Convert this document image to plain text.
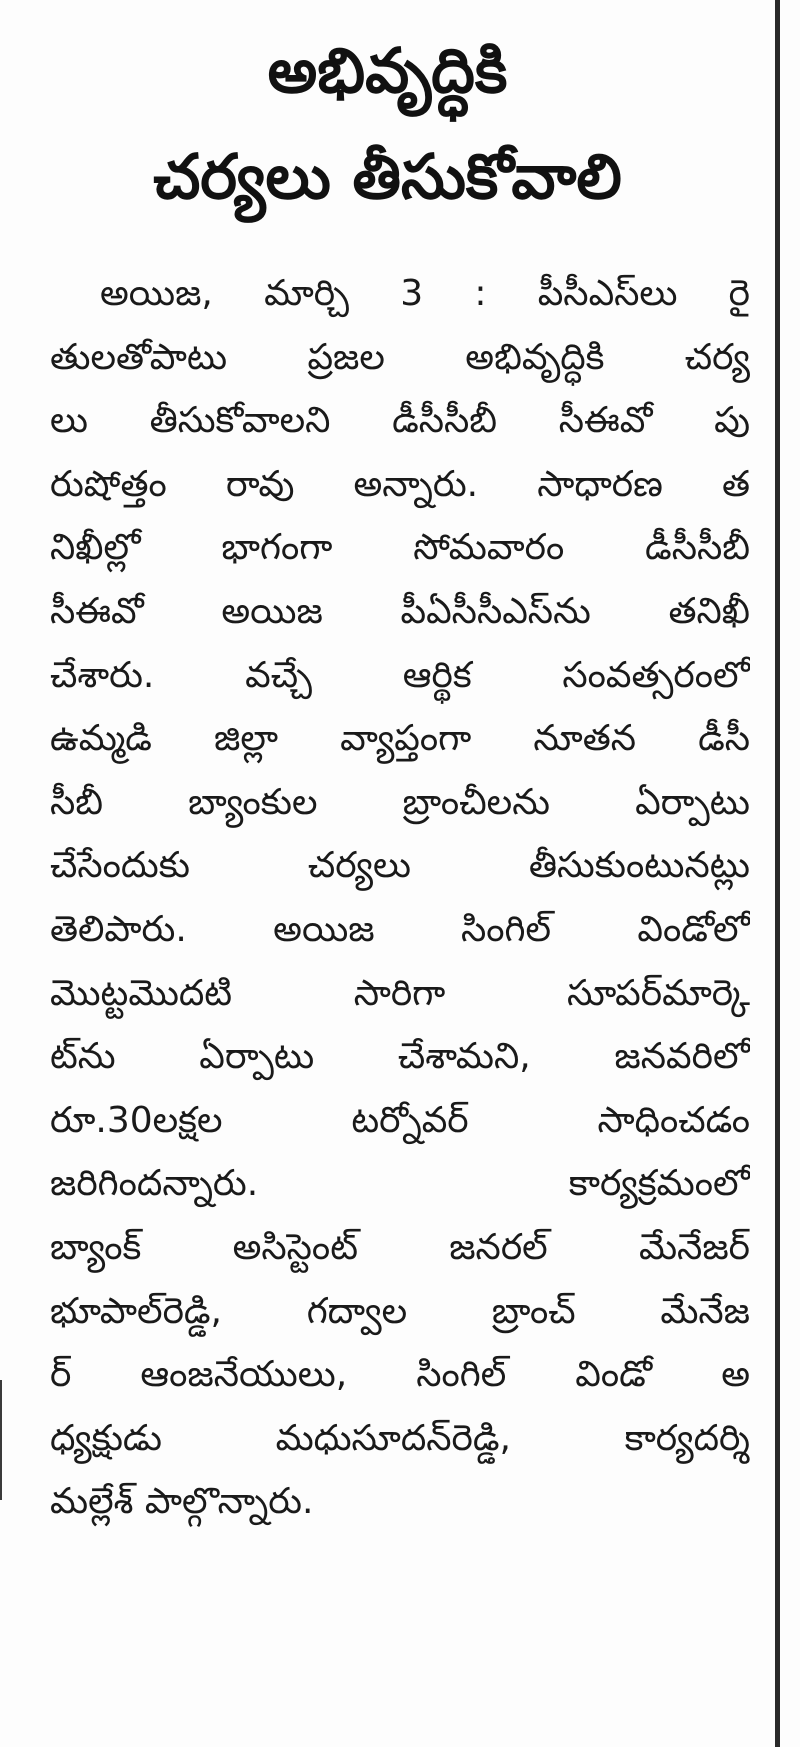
అభివృద్ధికి
చర్యలు తీసుకోవాలి
అయిజ, మార్చి 3 : పీసీఎస్‌లు రై
తులతోపాటు ప్రజల అభివృద్ధికి చర్య
లు తీసుకోవాలని డీసీసీబీ సీఈవో పు
రుషోత్తం రావు అన్నారు. సాధారణ త
నిఖీల్లో భాగంగా సోమవారం డీసీసీబీ
సీఈవో అయిజ పీఏసీసీఎస్‌ను తనిఖీ
చేశారు. వచ్చే ఆర్థిక సంవత్సరంలో
ఉమ్మడి జిల్లా వ్యాప్తంగా నూతన డీసీ
సీబీ బ్యాంకుల బ్రాంచీలను ఏర్పాటు
చేసేందుకు చర్యలు తీసుకుంటునట్లు
తెలిపారు. అయిజ సింగిల్ విండోలో
మొట్టమొదటి సారిగా సూపర్‌మార్కె
ట్‌ను ఏర్పాటు చేశామని, జనవరిలో
రూ.30లక్షల టర్నోవర్ సాధించడం
జరిగిందన్నారు. కార్యక్రమంలో
బ్యాంక్ అసిస్టెంట్ జనరల్ మేనేజర్
భూపాల్‌రెడ్డి, గద్వాల బ్రాంచ్ మేనేజ
ర్ ఆంజనేయులు, సింగిల్ విండో అ
ధ్యక్షుడు మధుసూదన్‌రెడ్డి, కార్యదర్శి
మల్లేశ్ పాల్గొన్నారు.
